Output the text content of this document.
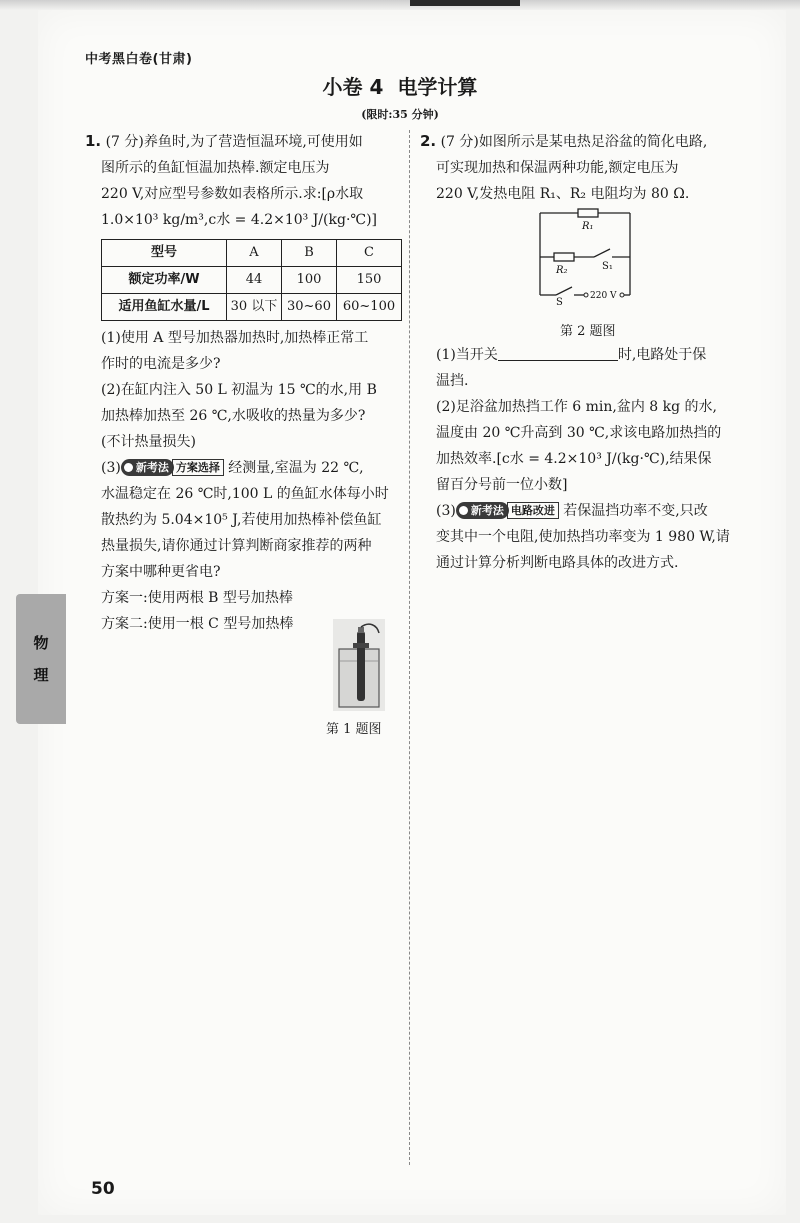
中考黑白卷(甘肃)
小卷 4 电学计算
(限时:35 分钟)
1. (7 分)养鱼时,为了营造恒温环境,可使用如
图所示的鱼缸恒温加热棒.额定电压为
220 V,对应型号参数如表格所示.求:[ρ水取
1.0×10³ kg/m³,c水 = 4.2×10³ J/(kg·℃)]
型号	A	B	C
额定功率/W	44	100	150
适用鱼缸水量/L	30 以下	30~60	60~100
(1)使用 A 型号加热器加热时,加热棒正常工
作时的电流是多少?
(2)在缸内注入 50 L 初温为 15 ℃的水,用 B
加热棒加热至 26 ℃,水吸收的热量为多少?
(不计热量损失)
(3) 新考法 方案选择 经测量,室温为 22 ℃,
水温稳定在 26 ℃时,100 L 的鱼缸水体每小时
散热约为 5.04×10⁵ J,若使用加热棒补偿鱼缸
热量损失,请你通过计算判断商家推荐的两种
方案中哪种更省电?
方案一:使用两根 B 型号加热棒
方案二:使用一根 C 型号加热棒
第 1 题图
2. (7 分)如图所示是某电热足浴盆的简化电路,
可实现加热和保温两种功能,额定电压为
220 V,发热电阻 R₁、R₂ 电阻均为 80 Ω.
R₁
R₂	S₁
S
220 V
第 2 题图
(1)当开关	时,电路处于保
温挡.
(2)足浴盆加热挡工作 6 min,盆内 8 kg 的水,
温度由 20 ℃升高到 30 ℃,求该电路加热挡的
加热效率.[c水 = 4.2×10³ J/(kg·℃),结果保
留百分号前一位小数]
(3) 新考法 电路改进 若保温挡功率不变,只改
变其中一个电阻,使加热挡功率变为 1 980 W,请
通过计算分析判断电路具体的改进方式.
物
理
50
